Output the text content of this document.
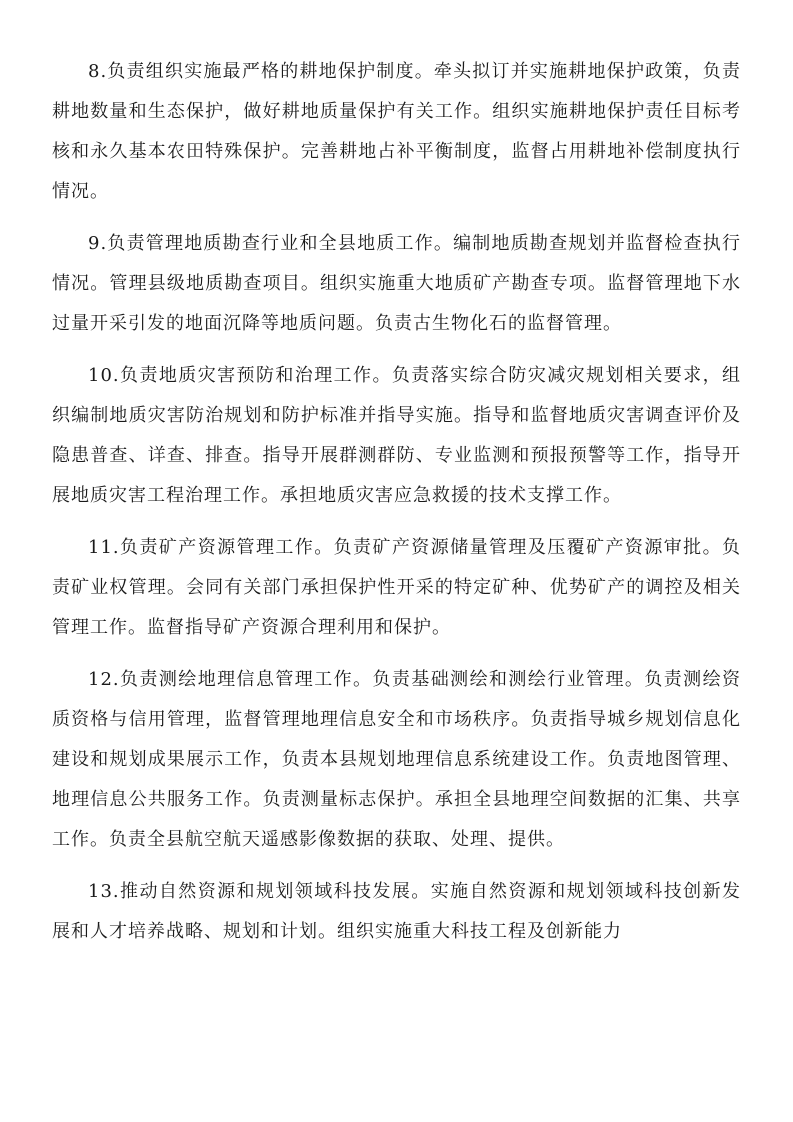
8.负责组织实施最严格的耕地保护制度。牵头拟订并实施耕地保护政策，负责耕地数量和生态保护，做好耕地质量保护有关工作。组织实施耕地保护责任目标考核和永久基本农田特殊保护。完善耕地占补平衡制度，监督占用耕地补偿制度执行情况。

9.负责管理地质勘查行业和全县地质工作。编制地质勘查规划并监督检查执行情况。管理县级地质勘查项目。组织实施重大地质矿产勘查专项。监督管理地下水过量开采引发的地面沉降等地质问题。负责古生物化石的监督管理。

10.负责地质灾害预防和治理工作。负责落实综合防灾减灾规划相关要求，组织编制地质灾害防治规划和防护标准并指导实施。指导和监督地质灾害调查评价及隐患普查、详查、排查。指导开展群测群防、专业监测和预报预警等工作，指导开展地质灾害工程治理工作。承担地质灾害应急救援的技术支撑工作。

11.负责矿产资源管理工作。负责矿产资源储量管理及压覆矿产资源审批。负责矿业权管理。会同有关部门承担保护性开采的特定矿种、优势矿产的调控及相关管理工作。监督指导矿产资源合理利用和保护。

12.负责测绘地理信息管理工作。负责基础测绘和测绘行业管理。负责测绘资质资格与信用管理，监督管理地理信息安全和市场秩序。负责指导城乡规划信息化建设和规划成果展示工作，负责本县规划地理信息系统建设工作。负责地图管理、地理信息公共服务工作。负责测量标志保护。承担全县地理空间数据的汇集、共享工作。负责全县航空航天遥感影像数据的获取、处理、提供。

13.推动自然资源和规划领域科技发展。实施自然资源和规划领域科技创新发展和人才培养战略、规划和计划。组织实施重大科技工程及创新能力
